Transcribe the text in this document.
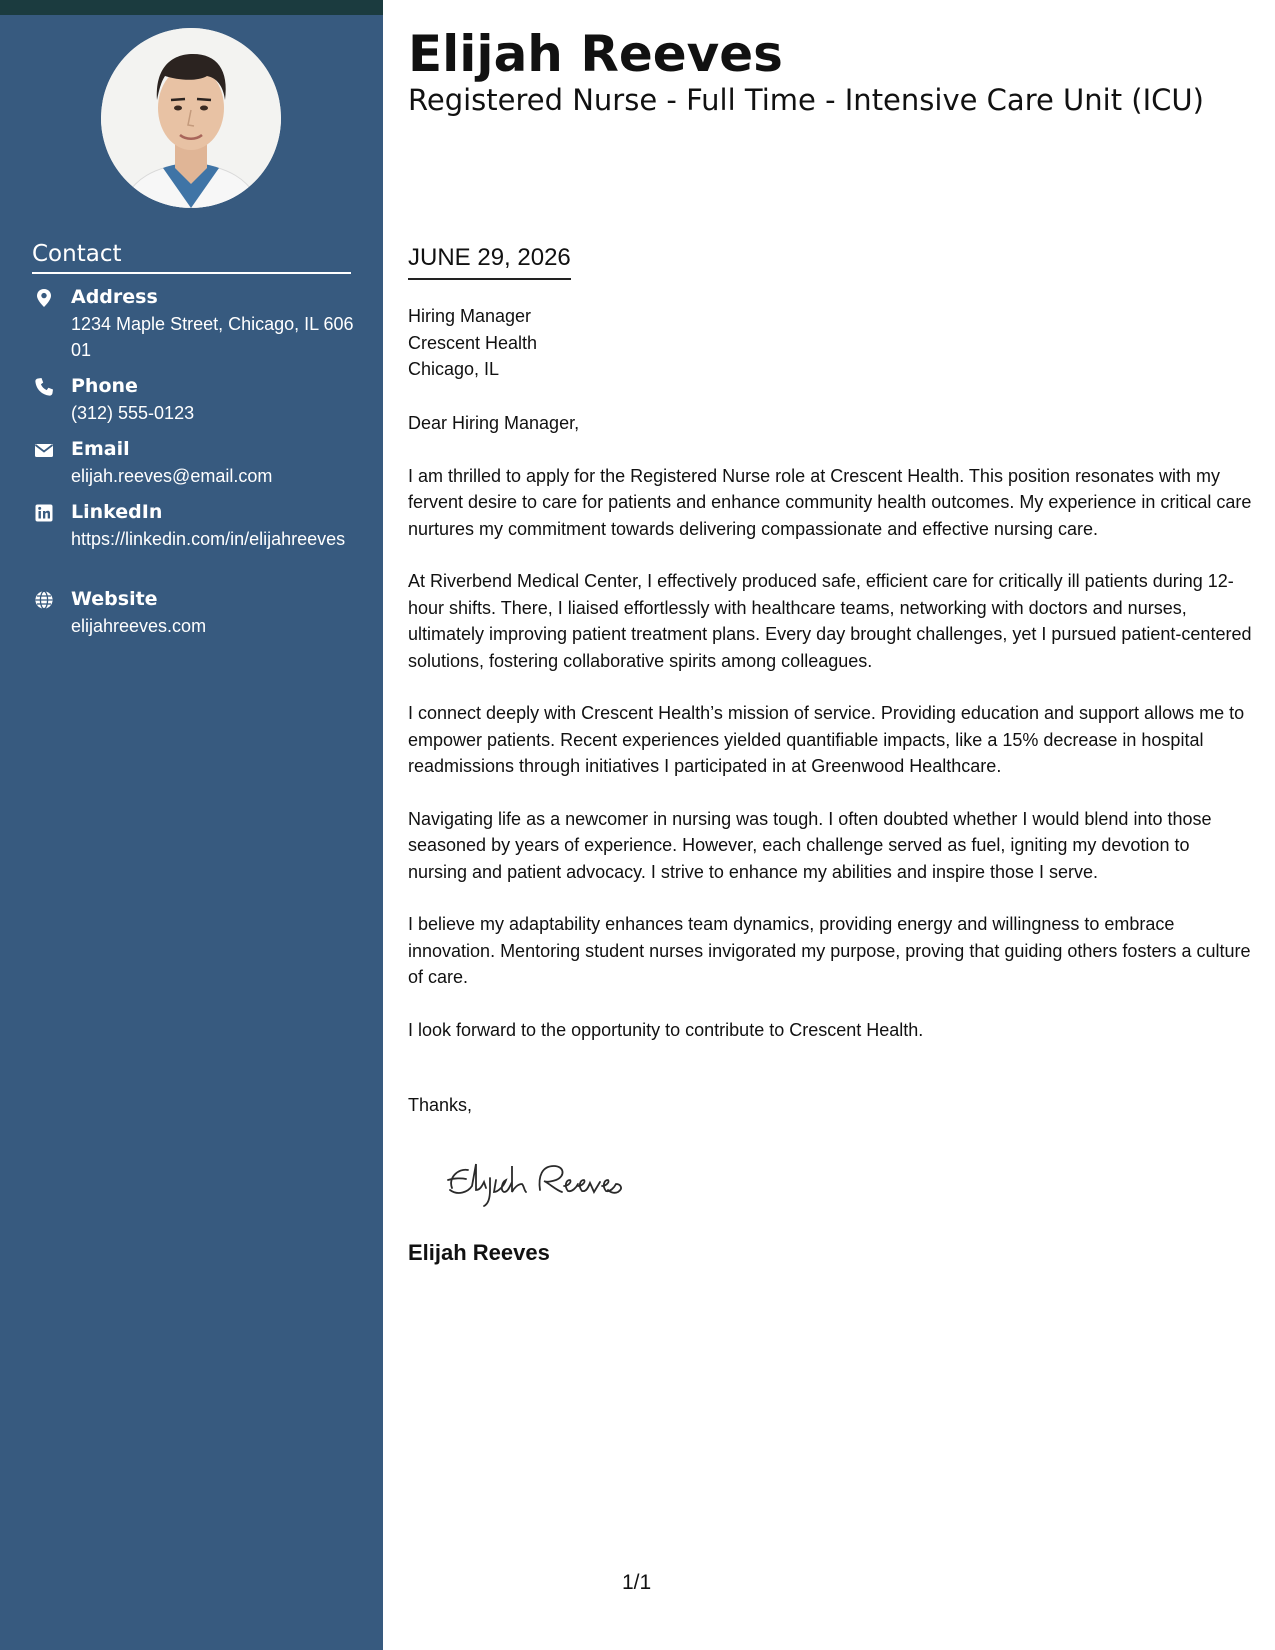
Contact
Address
1234 Maple Street, Chicago, IL 60601
Phone
(312) 555-0123
Email
elijah.reeves@email.com
LinkedIn
https://linkedin.com/in/elijahreeves
Website
elijahreeves.com
Elijah Reeves
Registered Nurse - Full Time - Intensive Care Unit (ICU)
JUNE 29, 2026
Hiring Manager
Crescent Health
Chicago, IL

Dear Hiring Manager,

I am thrilled to apply for the Registered Nurse role at Crescent Health. This position resonates with my fervent desire to care for patients and enhance community health outcomes. My experience in critical care nurtures my commitment towards delivering compassionate and effective nursing care.

At Riverbend Medical Center, I effectively produced safe, efficient care for critically ill patients during 12-hour shifts. There, I liaised effortlessly with healthcare teams, networking with doctors and nurses, ultimately improving patient treatment plans. Every day brought challenges, yet I pursued patient-centered solutions, fostering collaborative spirits among colleagues.

I connect deeply with Crescent Health’s mission of service. Providing education and support allows me to empower patients. Recent experiences yielded quantifiable impacts, like a 15% decrease in hospital readmissions through initiatives I participated in at Greenwood Healthcare.

Navigating life as a newcomer in nursing was tough. I often doubted whether I would blend into those seasoned by years of experience. However, each challenge served as fuel, igniting my devotion to nursing and patient advocacy. I strive to enhance my abilities and inspire those I serve.

I believe my adaptability enhances team dynamics, providing energy and willingness to embrace innovation. Mentoring student nurses invigorated my purpose, proving that guiding others fosters a culture of care.

I look forward to the opportunity to contribute to Crescent Health.

Thanks,
Elijah Reeves
1/1
